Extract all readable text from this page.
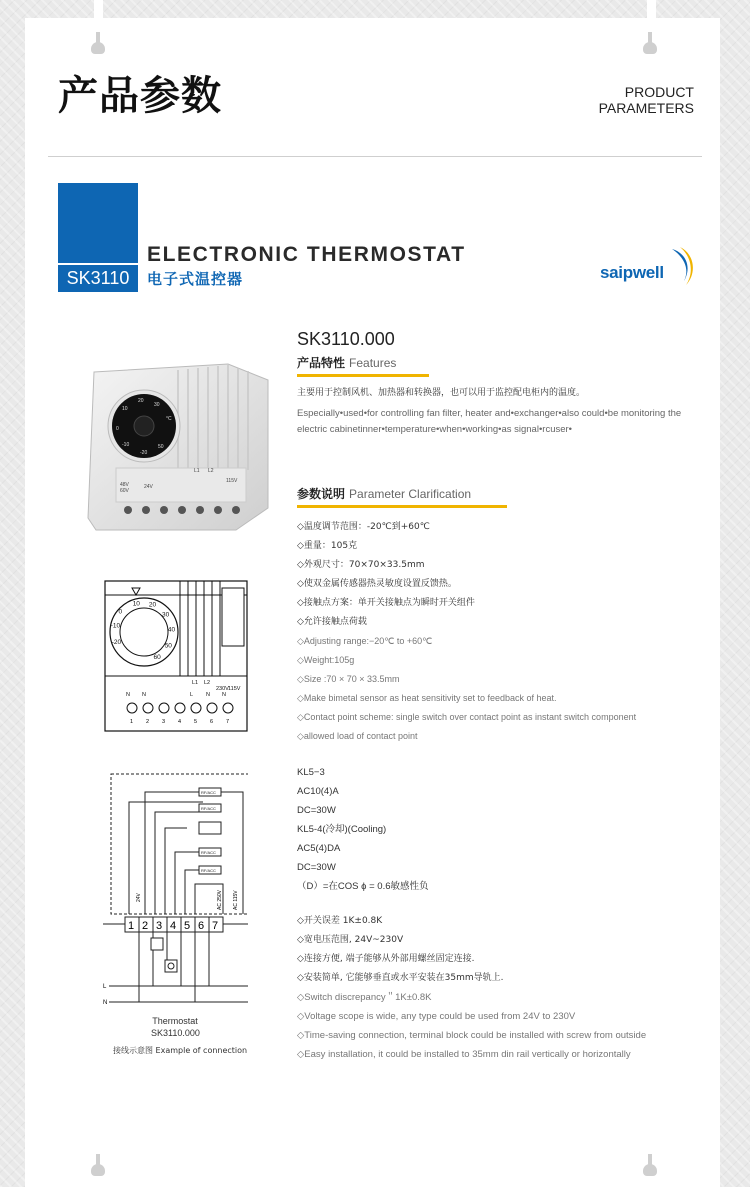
产品参数	PRODUCT
PARAMETERS
SK3110
ELECTRONIC THERMOSTAT
电子式温控器	saipwell
SK3110.000
产品特性 Features
主要用于控制风机、加热器和转换器，也可以用于监控配电柜内的温度。
Especially•used•for controlling fan filter, heater and•exchanger•also could•be monitoring the electric cabinetinner•temperature•when•working•as signal•rcuser•
参数说明 Parameter Clarification
◇温度调节范围：-20℃到+60℃
◇重量：105克
◇外观尺寸：70×70×33.5mm
◇使双金属传感器热灵敏度设置反馈热。
◇接触点方案：单开关接触点为瞬时开关组件
◇允许接触点荷载
◇Adjusting range:−20℃ to +60℃
◇Weight:105g
◇Size :70 × 70 × 33.5mm
◇Make bimetal sensor as heat sensitivity set to feedback of heat.
◇Contact point scheme: single switch over contact point as instant switch component
◇allowed load of contact point
KL5−3
AC10(4)A
DC=30W
KL5-4(冷却)(Cooling)
AC5(4)DA
DC=30W
（D）=在COS ϕ = 0.6敏感性负
◇开关误差 1K±0.8K
◇宽电压范围, 24V~230V
◇连接方便, 端子能够从外部用螺丝固定连接.
◇安装简单, 它能够垂直或水平安装在35mm导轨上.
◇Switch discrepancy＂1K±0.8K
◇Voltage scope is wide, any type could be used from 24V to 230V
◇Time-saving connection, terminal block could be installed with screw from outside
◇Easy installation, it could be installed to 35mm din rail vertically or horizontally
10
20
30
°C
0
-10
-20
50
48V
60V
24V
L1 L2
115V
-20
-10
0
10 20
30
40
50
60
L1 L2
230V 115V
N N	L N N
1 2 3 4 5 6 7
RF/ACC
RF/ACC
RF/ACC
RF/ACC
24V	AC 250V AC 115V
1 2 3 4 5 6 7
L
N
Thermostat
SK3110.000
接线示意图 Example of connection
